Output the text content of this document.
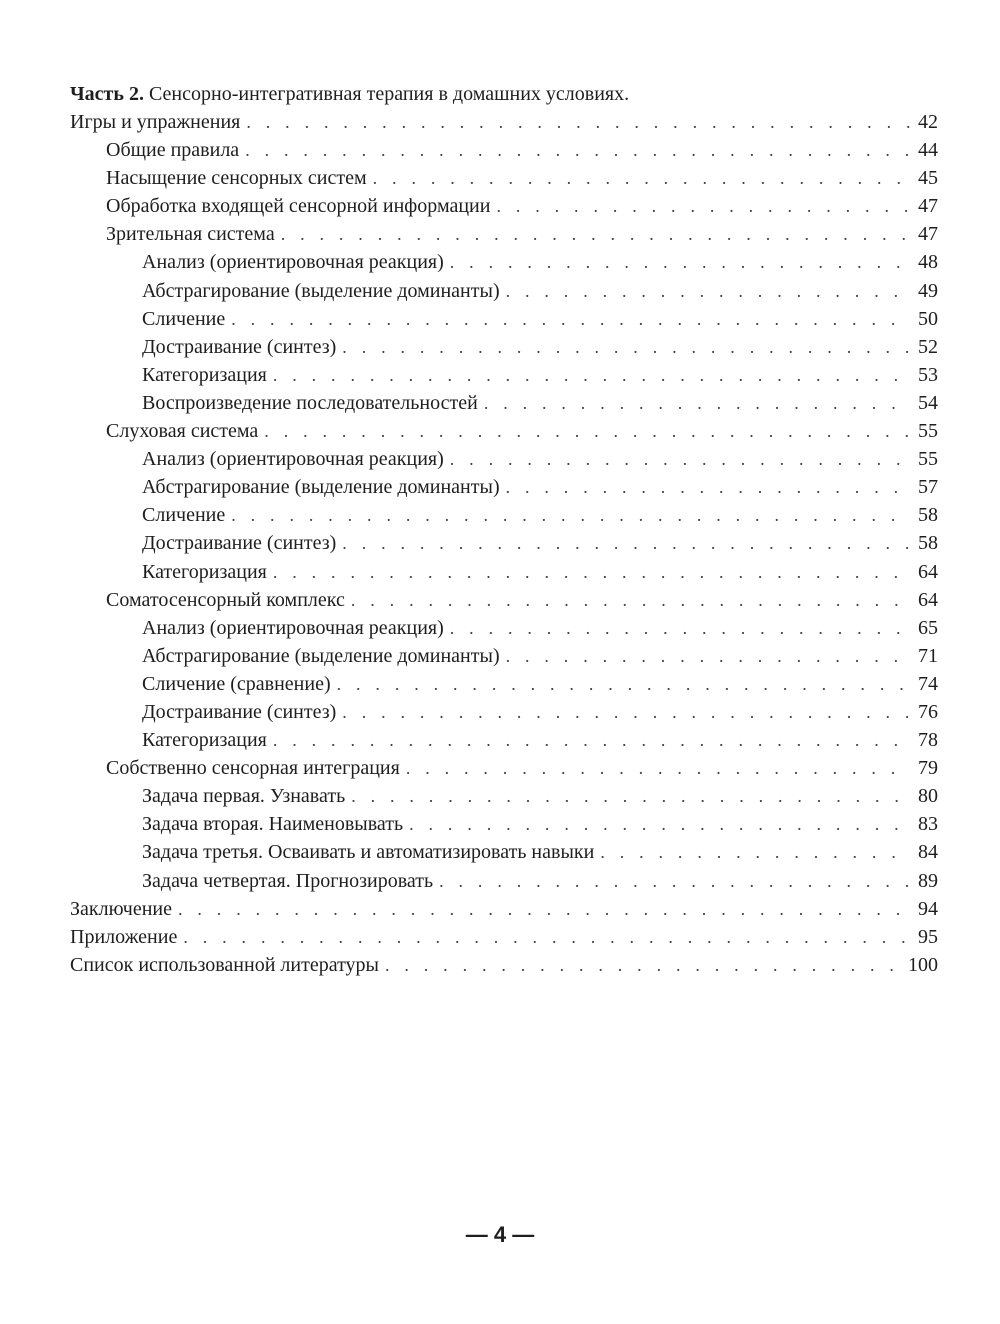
Часть 2. Сенсорно-интегративная терапия в домашних условиях.
Игры и упражнения . . .	42
Общие правила . . .	44
Насыщение сенсорных систем . . .	45
Обработка входящей сенсорной информации . . .	47
Зрительная система . . .	47
Анализ (ориентировочная реакция) . . .	48
Абстрагирование (выделение доминанты) . . .	49
Сличение . . .	50
Достраивание (синтез) . . .	52
Категоризация . . .	53
Воспроизведение последовательностей . . .	54
Слуховая система . . .	55
Анализ (ориентировочная реакция) . . .	55
Абстрагирование (выделение доминанты) . . .	57
Сличение . . .	58
Достраивание (синтез) . . .	58
Категоризация . . .	64
Соматосенсорный комплекс . . .	64
Анализ (ориентировочная реакция) . . .	65
Абстрагирование (выделение доминанты) . . .	71
Сличение (сравнение) . . .	74
Достраивание (синтез) . . .	76
Категоризация . . .	78
Собственно сенсорная интеграция . . .	79
Задача первая. Узнавать . . .	80
Задача вторая. Наименовывать . . .	83
Задача третья. Осваивать и автоматизировать навыки . . .	84
Задача четвертая. Прогнозировать . . .	89
Заключение . . .	94
Приложение . . .	95
Список использованной литературы . . .	100
— 4 —
